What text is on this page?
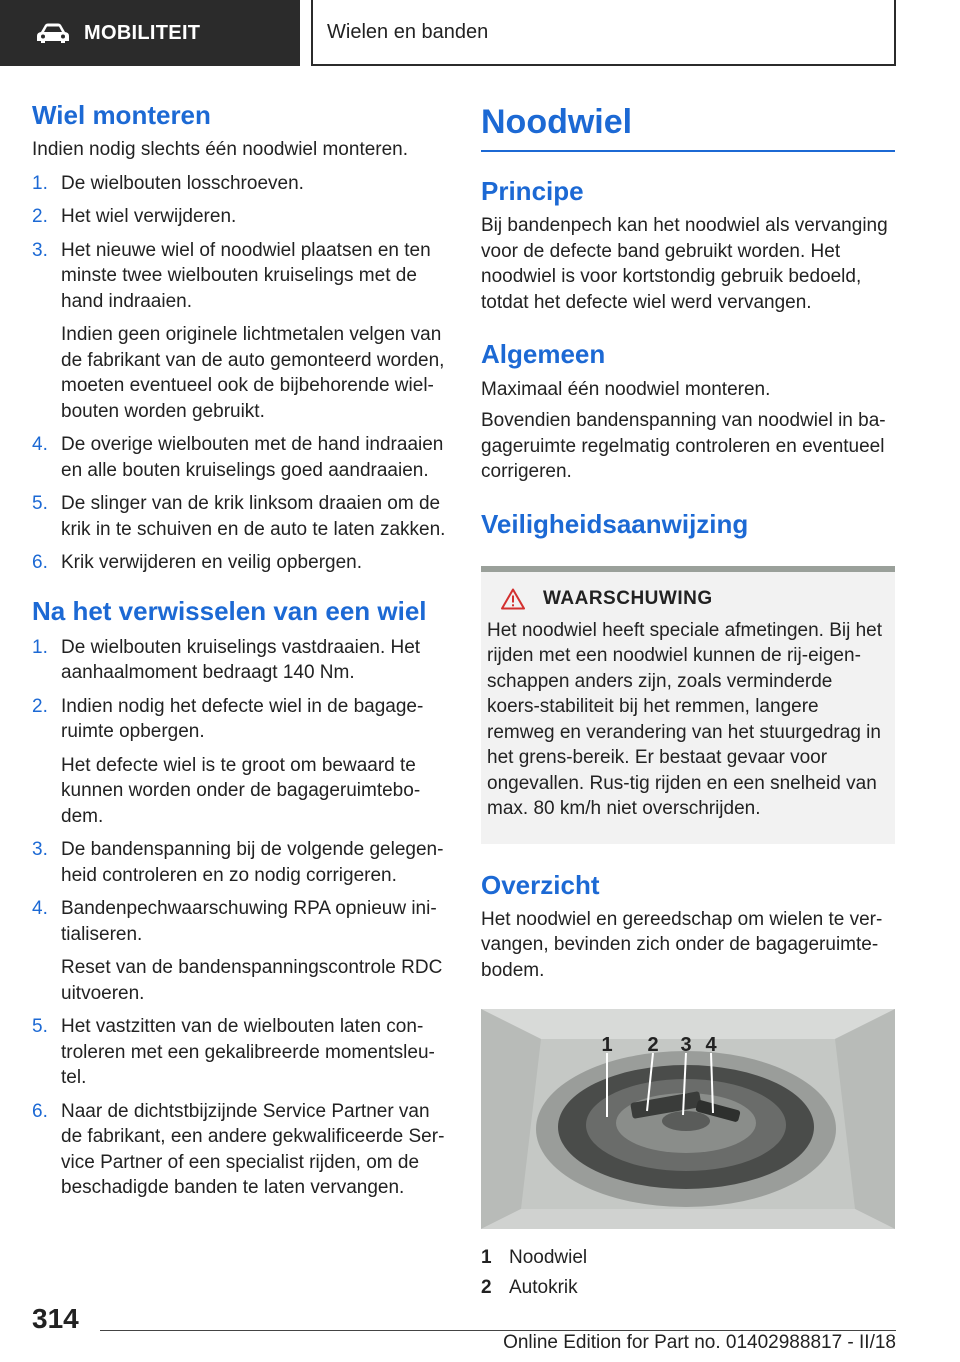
MOBILITEIT	Wielen en banden
Wiel monteren

Indien nodig slechts één noodwiel monteren.

1. De wielbouten losschroeven.
2. Het wiel verwijderen.
3. Het nieuwe wiel of noodwiel plaatsen en ten minste twee wielbouten kruiselings met de hand indraaien.
Indien geen originele lichtmetalen velgen van de fabrikant van de auto gemonteerd worden, moeten eventueel ook de bijbehorende wiel-bouten worden gebruikt.
4. De overige wielbouten met de hand indraaien en alle bouten kruiselings goed aandraaien.
5. De slinger van de krik linksom draaien om de krik in te schuiven en de auto te laten zakken.
6. Krik verwijderen en veilig opbergen.
Na het verwisselen van een wiel
1. De wielbouten kruiselings vastdraaien. Het aanhaalmoment bedraagt 140 Nm.
2. Indien nodig het defecte wiel in de bagage-ruimte opbergen.
Het defecte wiel is te groot om bewaard te kunnen worden onder de bagageruimtebo-dem.
3. De bandenspanning bij de volgende gelegen-heid controleren en zo nodig corrigeren.
4. Bandenpechwaarschuwing RPA opnieuw ini-tialiseren.
Reset van de bandenspanningscontrole RDC uitvoeren.
5. Het vastzitten van de wielbouten laten con-troleren met een gekalibreerde momentsleu-tel.
6. Naar de dichtstbijzijnde Service Partner van de fabrikant, een andere gekwalificeerde Ser-vice Partner of een specialist rijden, om de beschadigde banden te laten vervangen.
Noodwiel
Principe

Bij bandenpech kan het noodwiel als vervanging voor de defecte band gebruikt worden. Het noodwiel is voor kortstondig gebruik bedoeld, totdat het defecte wiel werd vervangen.

Algemeen

Maximaal één noodwiel monteren.

Bovendien bandenspanning van noodwiel in ba-gageruimte regelmatig controleren en eventueel corrigeren.

Veiligheidsaanwijzing
WAARSCHUWING

Het noodwiel heeft speciale afmetingen. Bij het rijden met een noodwiel kunnen de rij-eigen-schappen anders zijn, zoals verminderde koers-stabiliteit bij het remmen, langere remweg en verandering van het stuurgedrag in het grens-bereik. Er bestaat gevaar voor ongevallen. Rus-tig rijden en een snelheid van max. 80 km/h niet overschrijden.

Overzicht

Het noodwiel en gereedschap om wielen te ver-vangen, bevinden zich onder de bagageruimte-bodem.

1 2 3 4
1 Noodwiel
2 Autokrik
314
Online Edition for Part no. 01402988817 - II/18
